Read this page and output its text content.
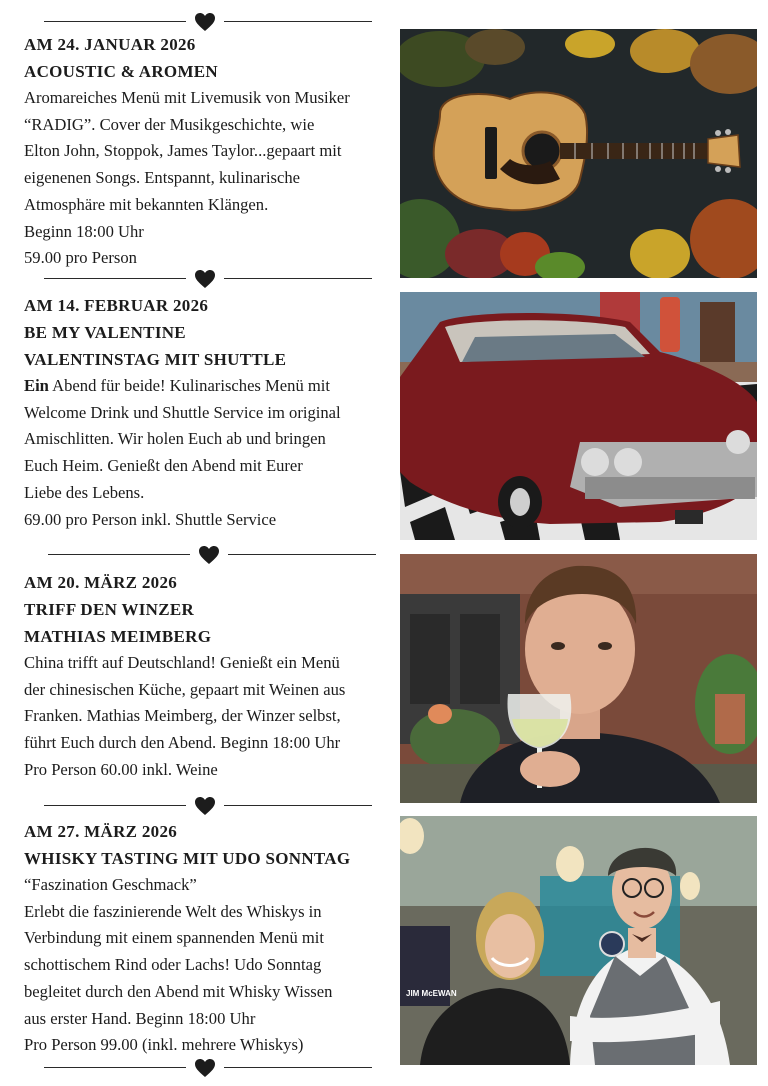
AM 24. JANUAR 2026
ACOUSTIC & AROMEN

Aromareiches Menü mit Livemusik von Musiker

“RADIG”. Cover der Musikgeschichte, wie

Elton John, Stoppok, James Taylor...gepaart mit

eigenenen Songs. Entspannt, kulinarische

Atmosphäre mit bekannten Klängen.

Beginn 18:00 Uhr

59.00 pro Person

AM 14. FEBRUAR 2026
BE MY VALENTINE
VALENTINSTAG MIT SHUTTLE

Ein Abend für beide! Kulinarisches Menü mit

Welcome Drink und Shuttle Service im original

Amischlitten. Wir holen Euch ab und bringen

Euch Heim. Genießt den Abend mit Eurer

Liebe des Lebens.

69.00 pro Person inkl. Shuttle Service

AM 20. MÄRZ 2026
TRIFF DEN WINZER
MATHIAS MEIMBERG

China trifft auf Deutschland! Genießt ein Menü

der chinesischen Küche, gepaart mit Weinen aus

Franken. Mathias Meimberg, der Winzer selbst,

führt Euch durch den Abend. Beginn 18:00 Uhr

Pro Person 60.00 inkl. Weine

AM 27. MÄRZ 2026
WHISKY TASTING MIT UDO SONNTAG

“Faszination Geschmack”

Erlebt die faszinierende Welt des Whiskys in

Verbindung mit einem spannenden Menü mit

schottischem Rind oder Lachs! Udo Sonntag

begleitet durch den Abend mit Whisky Wissen

aus erster Hand. Beginn 18:00 Uhr

Pro Person 99.00 (inkl. mehrere Whiskys)

JIM McEWAN
